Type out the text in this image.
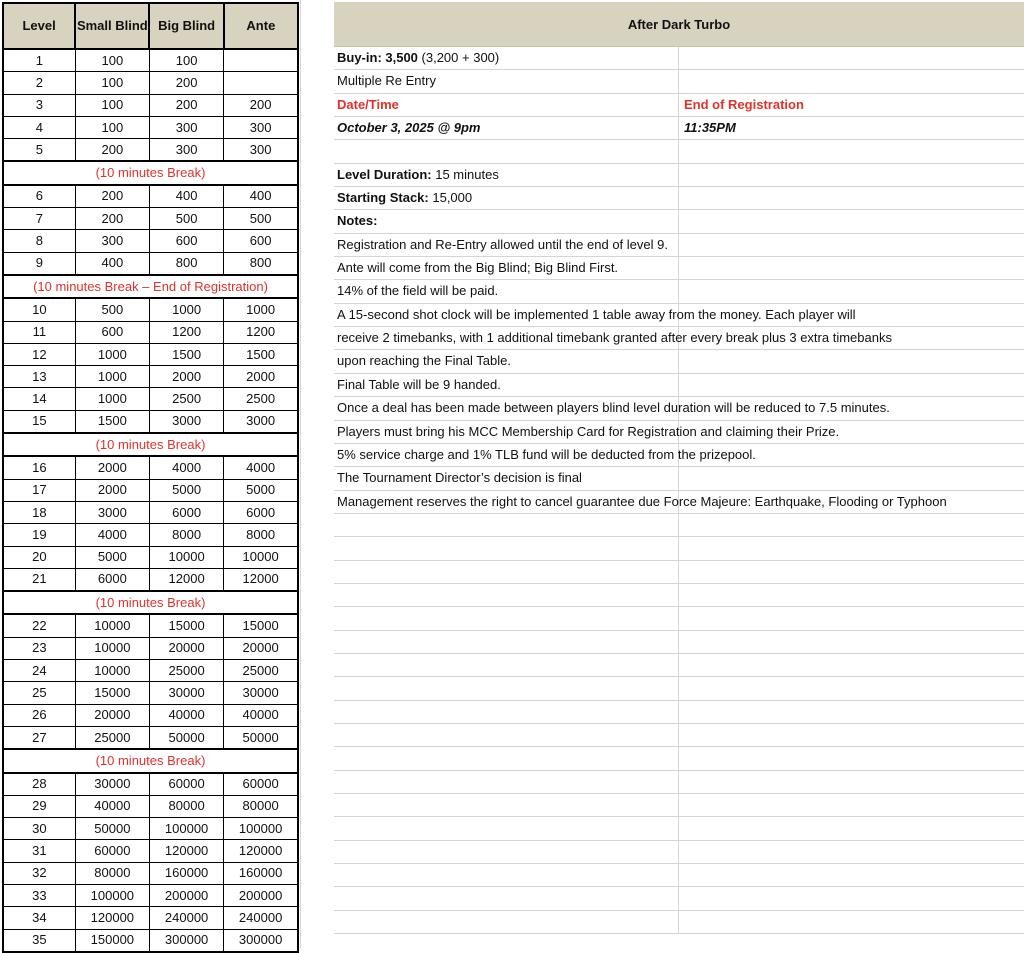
Level	Small Blind	Big Blind	Ante
1	100	100	
2	100	200	
3	100	200	200
4	100	300	300
5	200	300	300
(10 minutes Break)			
6	200	400	400
7	200	500	500
8	300	600	600
9	400	800	800
(10 minutes Break – End of Registration)			
10	500	1000	1000
11	600	1200	1200
12	1000	1500	1500
13	1000	2000	2000
14	1000	2500	2500
15	1500	3000	3000
(10 minutes Break)			
16	2000	4000	4000
17	2000	5000	5000
18	3000	6000	6000
19	4000	8000	8000
20	5000	10000	10000
21	6000	12000	12000
(10 minutes Break)			
22	10000	15000	15000
23	10000	20000	20000
24	10000	25000	25000
25	15000	30000	30000
26	20000	40000	40000
27	25000	50000	50000
(10 minutes Break)			
28	30000	60000	60000
29	40000	80000	80000
30	50000	100000	100000
31	60000	120000	120000
32	80000	160000	160000
33	100000	200000	200000
34	120000	240000	240000
35	150000	300000	300000
After Dark Turbo
Buy-in: 3,500 (3,200 + 300)
Multiple Re Entry
Date/Time	End of Registration
October 3, 2025 @ 9pm	11:35PM
Level Duration: 15 minutes
Starting Stack: 15,000
Notes:
Registration and Re-Entry allowed until the end of level 9.
Ante will come from the Big Blind; Big Blind First.
14% of the field will be paid.
A 15-second shot clock will be implemented 1 table away from the money. Each player will
receive 2 timebanks, with 1 additional timebank granted after every break plus 3 extra timebanks
upon reaching the Final Table.
Final Table will be 9 handed.
Once a deal has been made between players blind level duration will be reduced to 7.5 minutes.
Players must bring his MCC Membership Card for Registration and claiming their Prize.
5% service charge and 1% TLB fund will be deducted from the prizepool.
The Tournament Director’s decision is final
Management reserves the right to cancel guarantee due Force Majeure: Earthquake, Flooding or Typhoon
